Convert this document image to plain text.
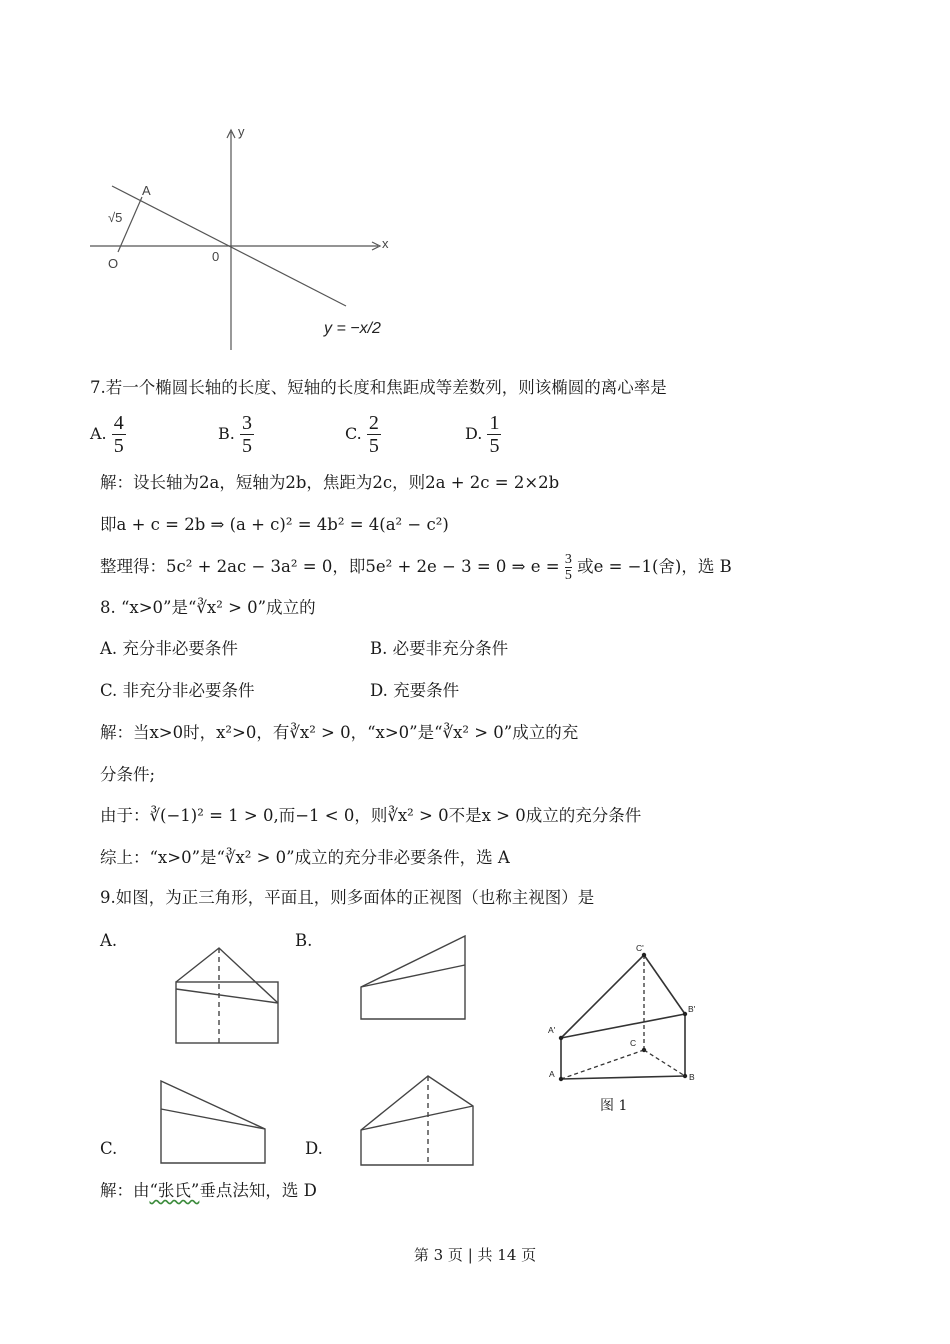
y
x
A
O	0
√5
y = −x/2
7.若一个椭圆长轴的长度、短轴的长度和焦距成等差数列，则该椭圆的离心率是
A. $\frac{4}{5}$	B. $\frac{3}{5}$	C. $\frac{2}{5}$	D. $\frac{1}{5}$
解：设长轴为2a，短轴为2b，焦距为2c，则2a + 2c = 2×2b
即a + c = 2b ⇒ (a + c)² = 4b² = 4(a² − c²)
整理得：5c² + 2ac − 3a² = 0，即5e² + 2e − 3 = 0 ⇒ $e = \frac{3}{5}$ 或e = −1(舍)，选 B
8. “x>0”是“∛x² > 0”成立的
A. 充分非必要条件	B. 必要非充分条件
C. 非充分非必要条件	D. 充要条件
解：当x>0时，x²>0，有∛x² > 0，“x>0”是“∛x² > 0”成立的充
分条件;
由于：∛(−1)² = 1 > 0,而−1 < 0，则∛x² > 0不是x > 0成立的充分条件
综上：“x>0”是“∛x² > 0”成立的充分非必要条件，选 A
9.如图，为正三角形，平面且，则多面体的正视图（也称主视图）是
A.	B.
C.	D.
C'
B'
A'
C
A	B
图 1
解：由“张氏”垂点法知，选 D
第 3 页 | 共 14 页
